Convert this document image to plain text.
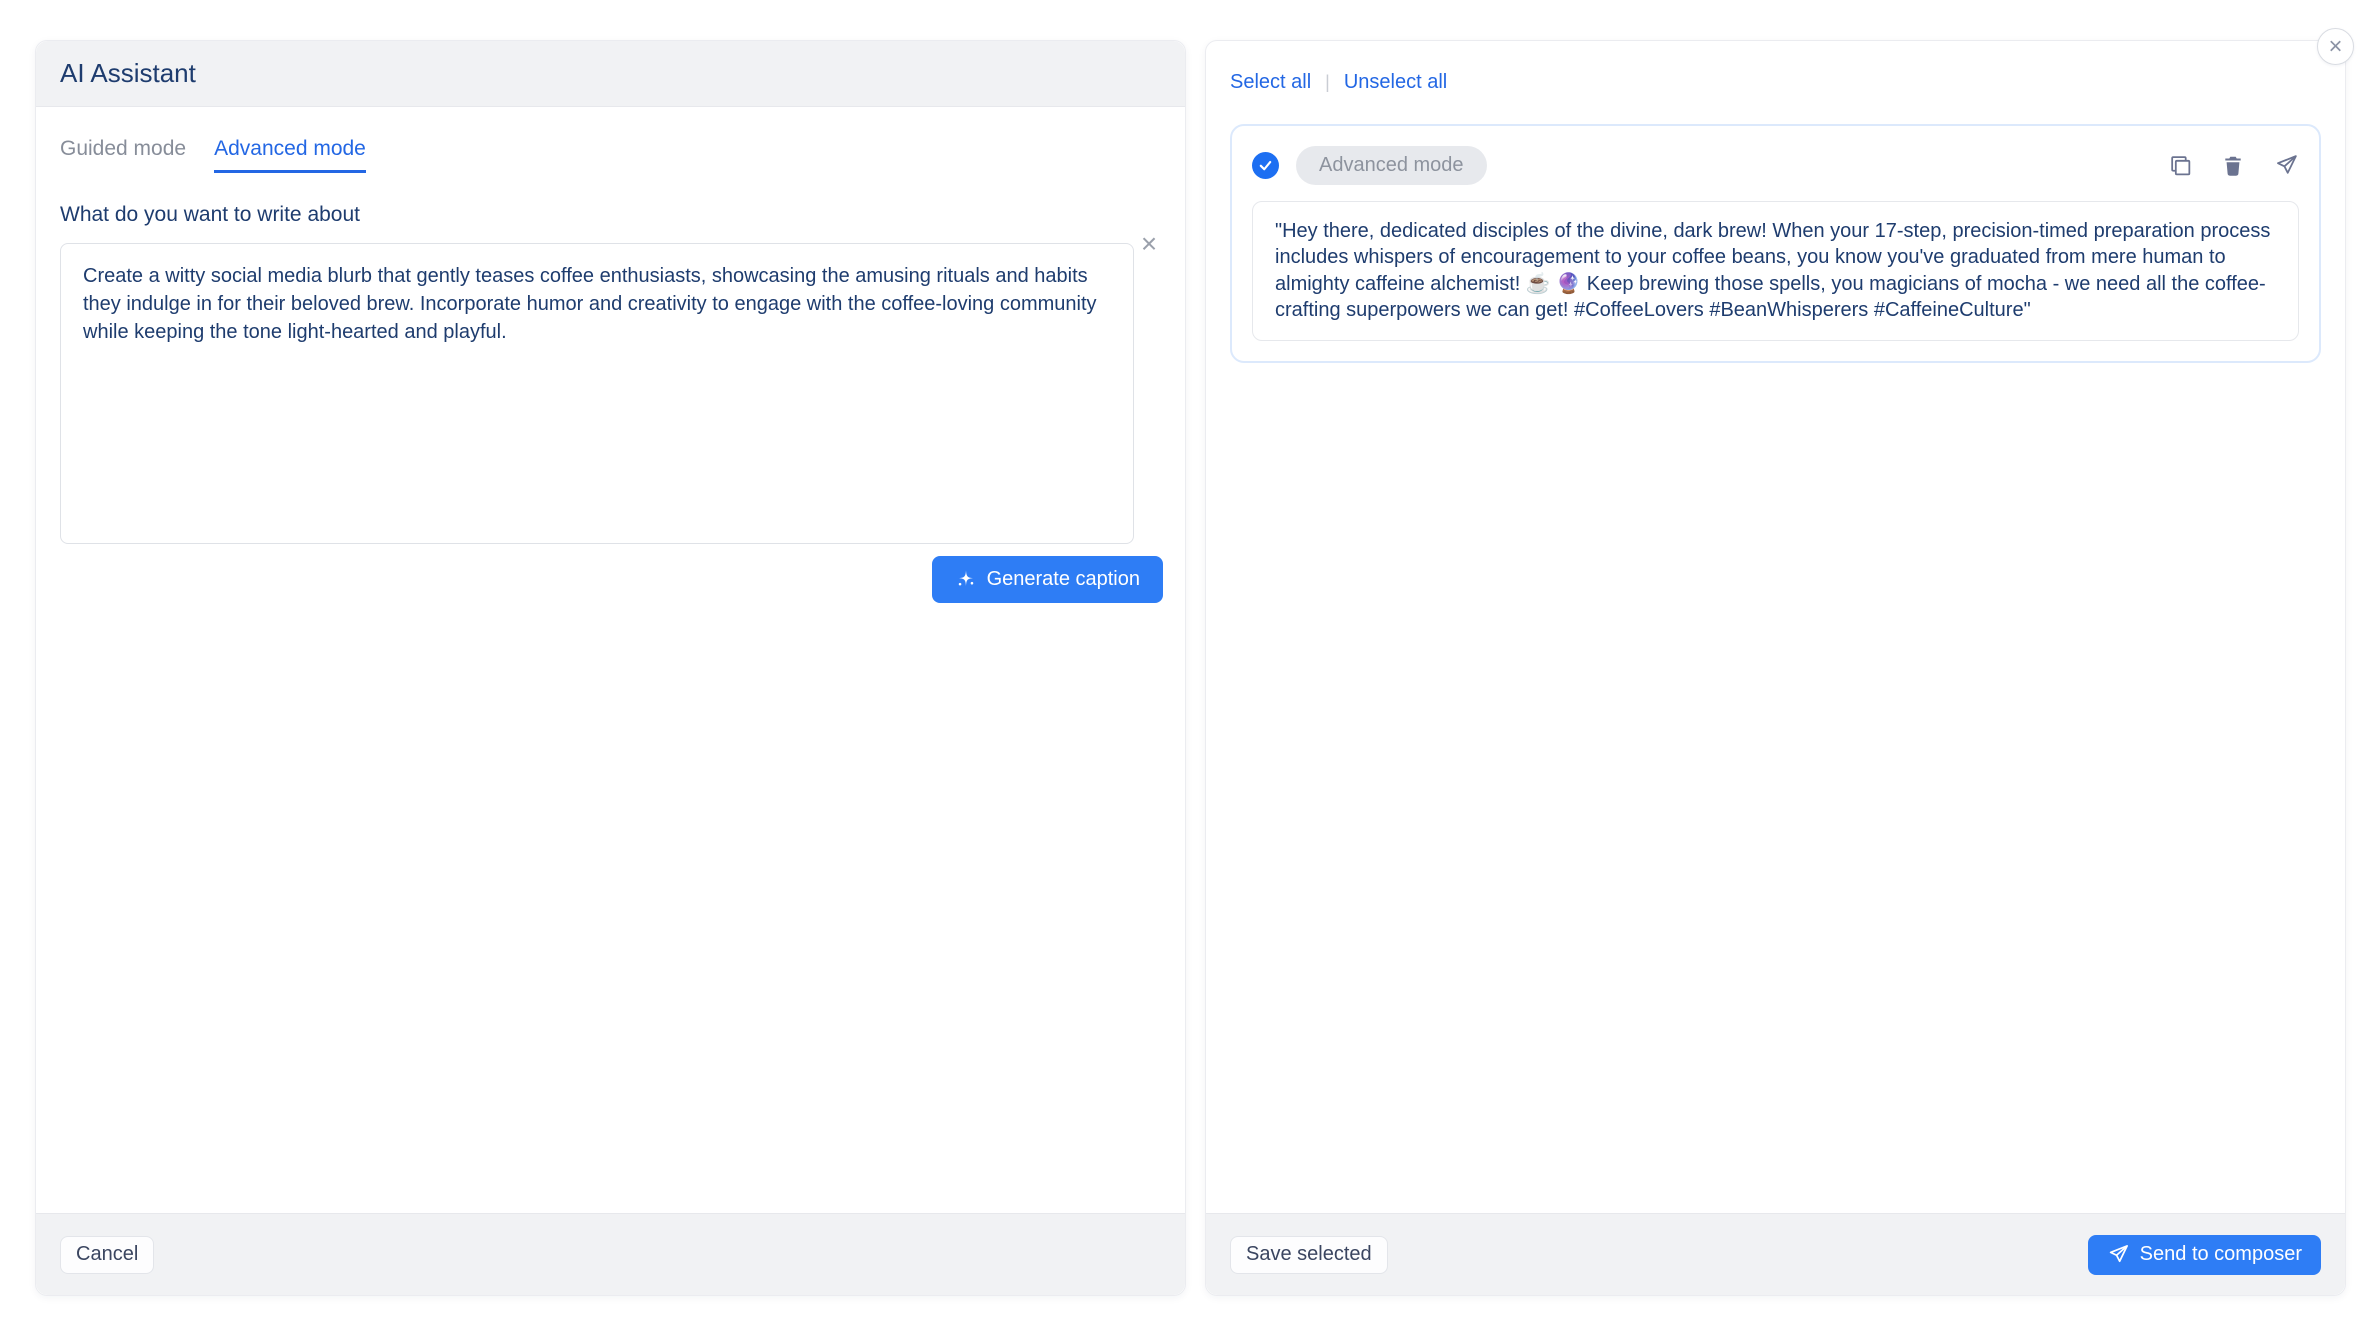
AI Assistant
Guided mode Advanced mode
What do you want to write about
Create a witty social media blurb that gently teases coffee enthusiasts, showcasing the amusing rituals and habits they indulge in for their beloved brew. Incorporate humor and creativity to engage with the coffee-loving community while keeping the tone light-hearted and playful.
×
Generate caption
Cancel
Select all | Unselect all
Advanced mode
"Hey there, dedicated disciples of the divine, dark brew! When your 17-step, precision-timed preparation process includes whispers of encouragement to your coffee beans, you know you've graduated from mere human to almighty caffeine alchemist! ☕ 🔮 Keep brewing those spells, you magicians of mocha - we need all the coffee-crafting superpowers we can get! #CoffeeLovers #BeanWhisperers #CaffeineCulture"
Save selected	Send to composer
×
